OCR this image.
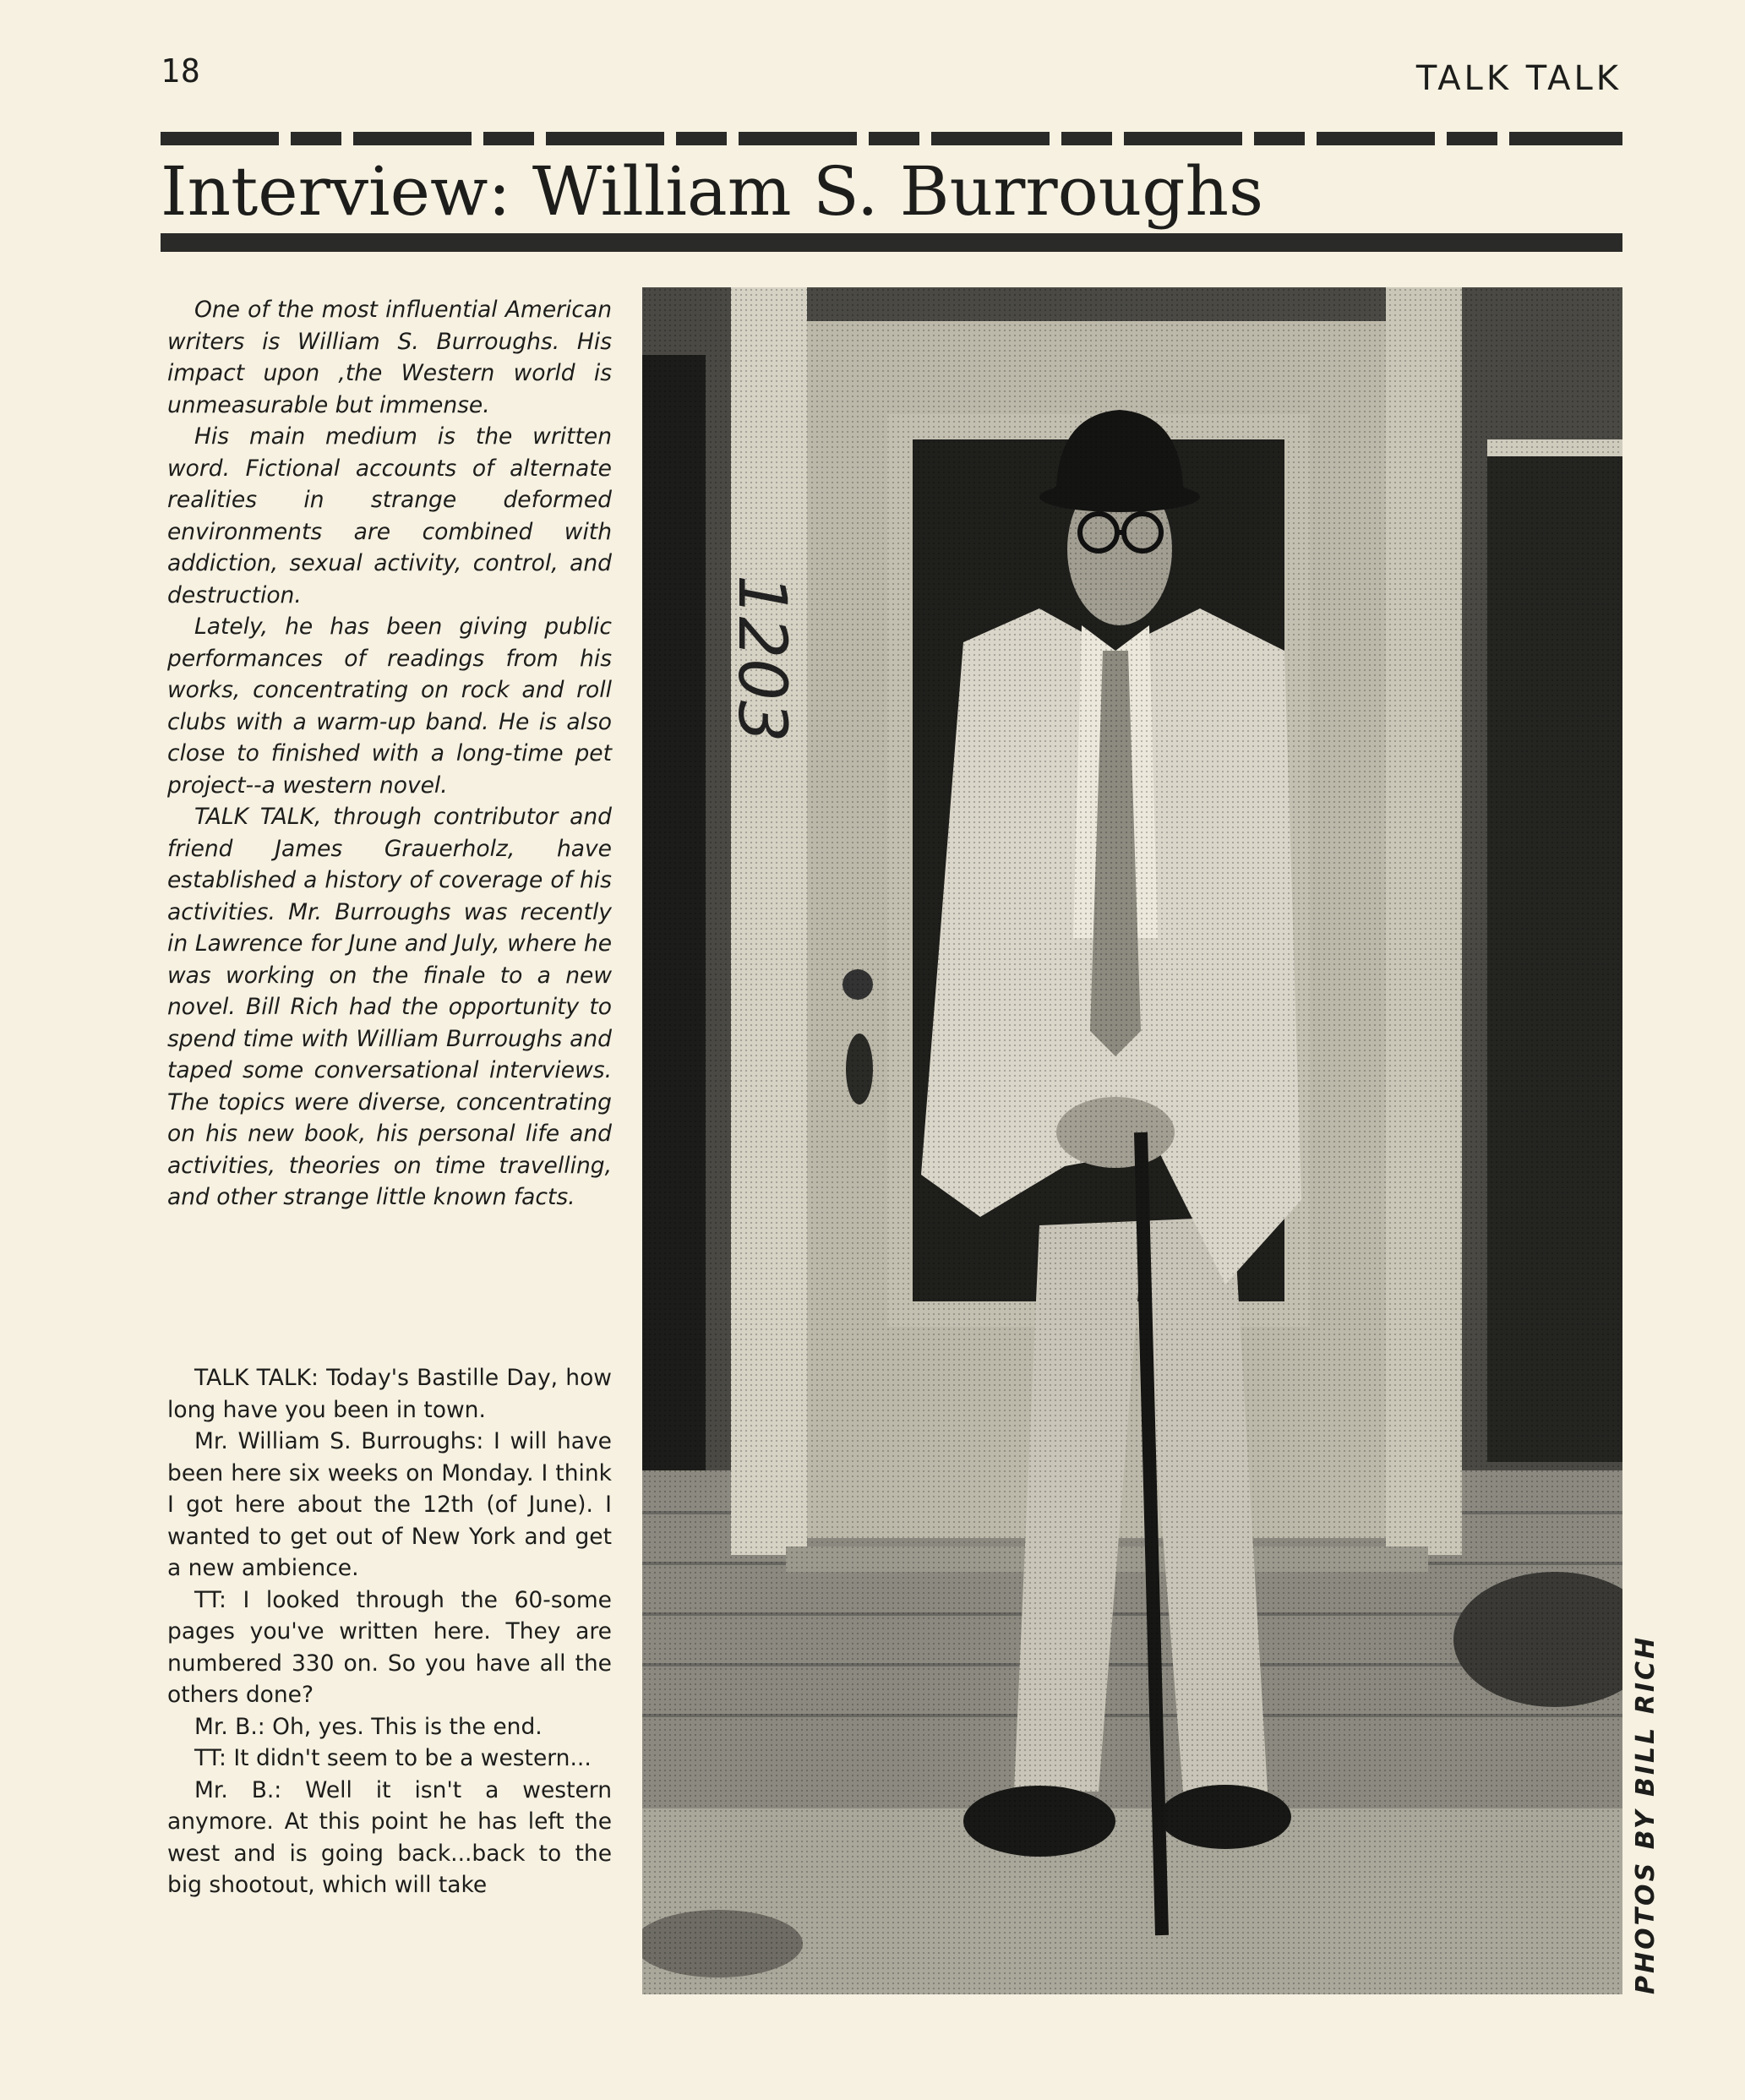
18	TALK TALK
Interview: William S. Burroughs

One of the most influential American writers is William S. Burroughs. His impact upon ,the Western world is unmeasurable but immense.

His main medium is the written word. Fictional accounts of alternate realities in strange deformed environments are combined with addiction, sexual activity, control, and destruction.

Lately, he has been giving public performances of readings from his works, concentrating on rock and roll clubs with a warm-up band. He is also close to finished with a long-time pet project--a western novel.

TALK TALK, through contributor and friend James Grauerholz, have established a history of coverage of his activities. Mr. Burroughs was recently in Lawrence for June and July, where he was working on the finale to a new novel. Bill Rich had the opportunity to spend time with William Burroughs and taped some conversational interviews. The topics were diverse, concentrating on his new book, his personal life and activities, theories on time travelling, and other strange little known facts.

TALK TALK: Today's Bastille Day, how long have you been in town.

Mr. William S. Burroughs: I will have been here six weeks on Monday. I think I got here about the 12th (of June). I wanted to get out of New York and get a new ambience.

TT: I looked through the 60-some pages you've written here. They are numbered 330 on. So you have all the others done?

Mr. B.: Oh, yes. This is the end.

TT: It didn't seem to be a western...

Mr. B.: Well it isn't a western anymore. At this point he has left the west and is going back...back to the big shootout, which will take	PHOTOS BY BILL RICH
